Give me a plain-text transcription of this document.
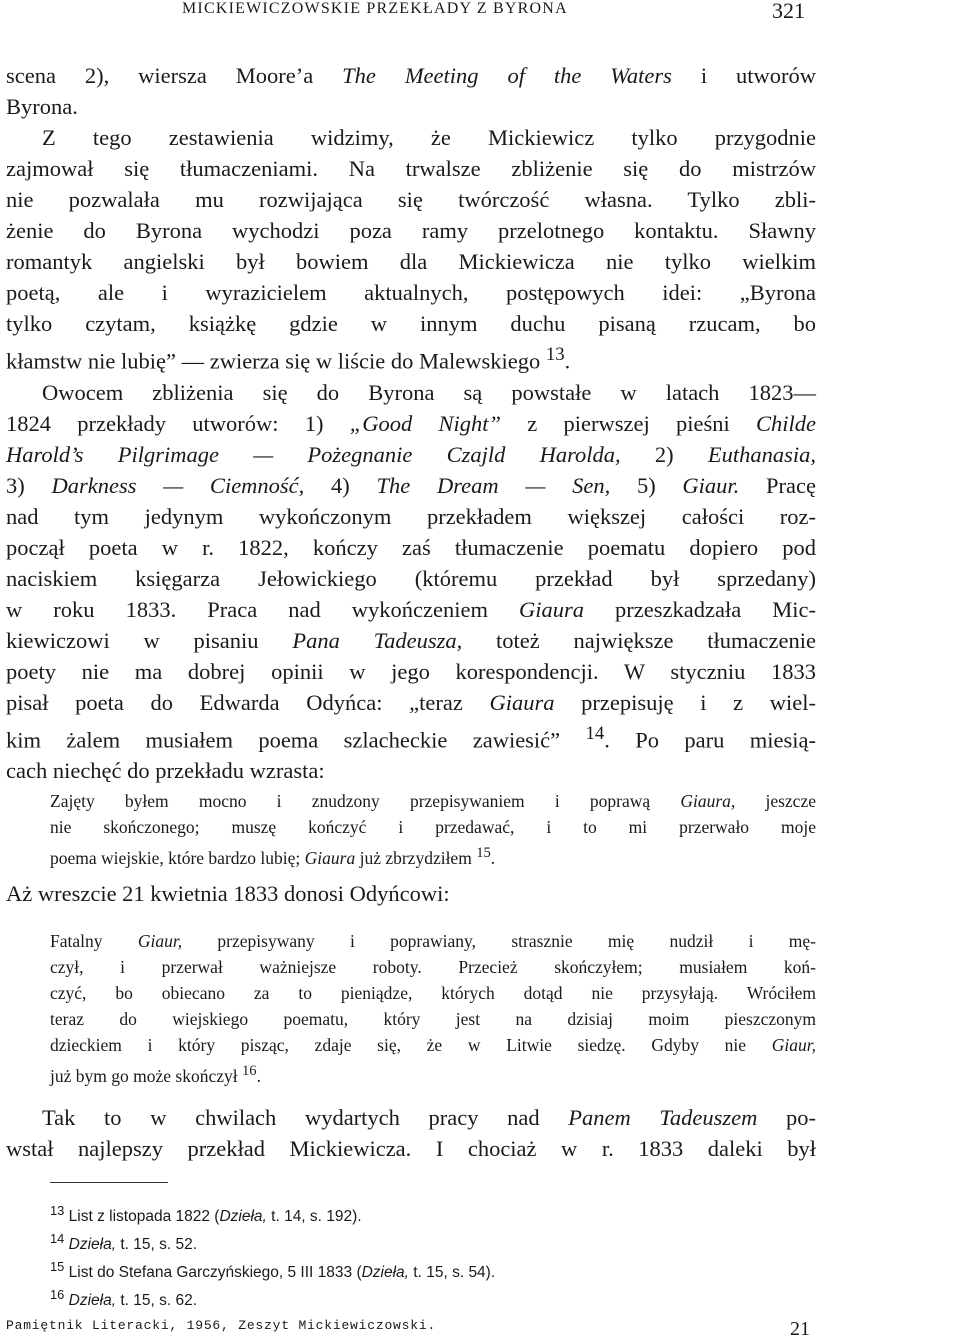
MICKIEWICZOWSKIE PRZEKŁADY Z BYRONA	321
scena 2), wiersza Moore’a The Meeting of the Waters i utworów
Byrona.
Z tego zestawienia widzimy, że Mickiewicz tylko przygodnie
zajmował się tłumaczeniami. Na trwalsze zbliżenie się do mistrzów
nie pozwalała mu rozwijająca się twórczość własna. Tylko zbli-
żenie do Byrona wychodzi poza ramy przelotnego kontaktu. Sławny
romantyk angielski był bowiem dla Mickiewicza nie tylko wielkim
poetą, ale i wyrazicielem aktualnych, postępowych idei: „Byrona
tylko czytam, książkę gdzie w innym duchu pisaną rzucam, bo
kłamstw nie lubię” — zwierza się w liście do Malewskiego $^{13}$.
Owocem zbliżenia się do Byrona są powstałe w latach 1823—
1824 przekłady utworów: 1) „Good Night” z pierwszej pieśni Childe
Harold’s Pilgrimage — Pożegnanie Czajld Harolda, 2) Euthanasia,
3) Darkness — Ciemność, 4) The Dream — Sen, 5) Giaur. Pracę
nad tym jedynym wykończonym przekładem większej całości roz-
począł poeta w r. 1822, kończy zaś tłumaczenie poematu dopiero pod
naciskiem księgarza Jełowickiego (któremu przekład był sprzedany)
w roku 1833. Praca nad wykończeniem Giaura przeszkadzała Mic-
kiewiczowi w pisaniu Pana Tadeusza, toteż największe tłumaczenie
poety nie ma dobrej opinii w jego korespondencji. W styczniu 1833
pisał poeta do Edwarda Odyńca: „teraz Giaura przepisuję i z wiel-
kim żalem musiałem poema szlacheckie zawiesić” $^{14}$. Po paru miesią-
cach niechęć do przekładu wzrasta:
Zajęty byłem mocno i znudzony przepisywaniem i poprawą Giaura, jeszcze
nie skończonego; muszę kończyć i przedawać, i to mi przerwało moje
poema wiejskie, które bardzo lubię; Giaura już zbrzydziłem $^{15}$.
Aż wreszcie 21 kwietnia 1833 donosi Odyńcowi:
Fatalny Giaur, przepisywany i poprawiany, strasznie mię nudził i mę-
czył, i przerwał ważniejsze roboty. Przecież skończyłem; musiałem koń-
czyć, bo obiecano za to pieniądze, których dotąd nie przysyłają. Wróciłem
teraz do wiejskiego poematu, który jest na dzisiaj moim pieszczonym
dzieckiem i który pisząc, zdaje się, że w Litwie siedzę. Gdyby nie Giaur,
już bym go może skończył $^{16}$.
Tak to w chwilach wydartych pracy nad Panem Tadeuszem po-
wstał najlepszy przekład Mickiewicza. I chociaż w r. 1833 daleki był
$^{13}$ List z listopada 1822 (Dzieła, t. 14, s. 192).
$^{14}$ Dzieła, t. 15, s. 52.
$^{15}$ List do Stefana Garczyńskiego, 5 III 1833 (Dzieła, t. 15, s. 54).
$^{16}$ Dzieła, t. 15, s. 62.
Pamiętnik Literacki, 1956, Zeszyt Mickiewiczowski.	21
